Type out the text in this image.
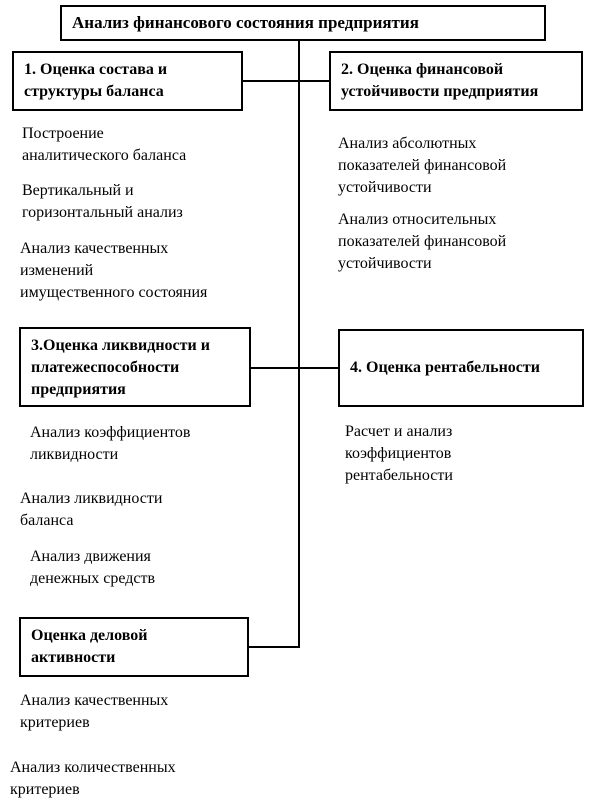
Анализ финансового состояния предприятия
1. Оценка состава и
структуры баланса
Построение
аналитического баланса
Вертикальный и
горизонтальный анализ
Анализ качественных
изменений
имущественного состояния
2. Оценка финансовой
устойчивости предприятия
Анализ абсолютных
показателей финансовой
устойчивости
Анализ относительных
показателей финансовой
устойчивости
3.Оценка ликвидности и
платежеспособности
предприятия
Анализ коэффициентов
ликвидности
Анализ ликвидности
баланса
Анализ движения
денежных средств
4. Оценка рентабельности
Расчет и анализ
коэффициентов
рентабельности
Оценка деловой
активности
Анализ качественных
критериев
Анализ количественных
критериев
